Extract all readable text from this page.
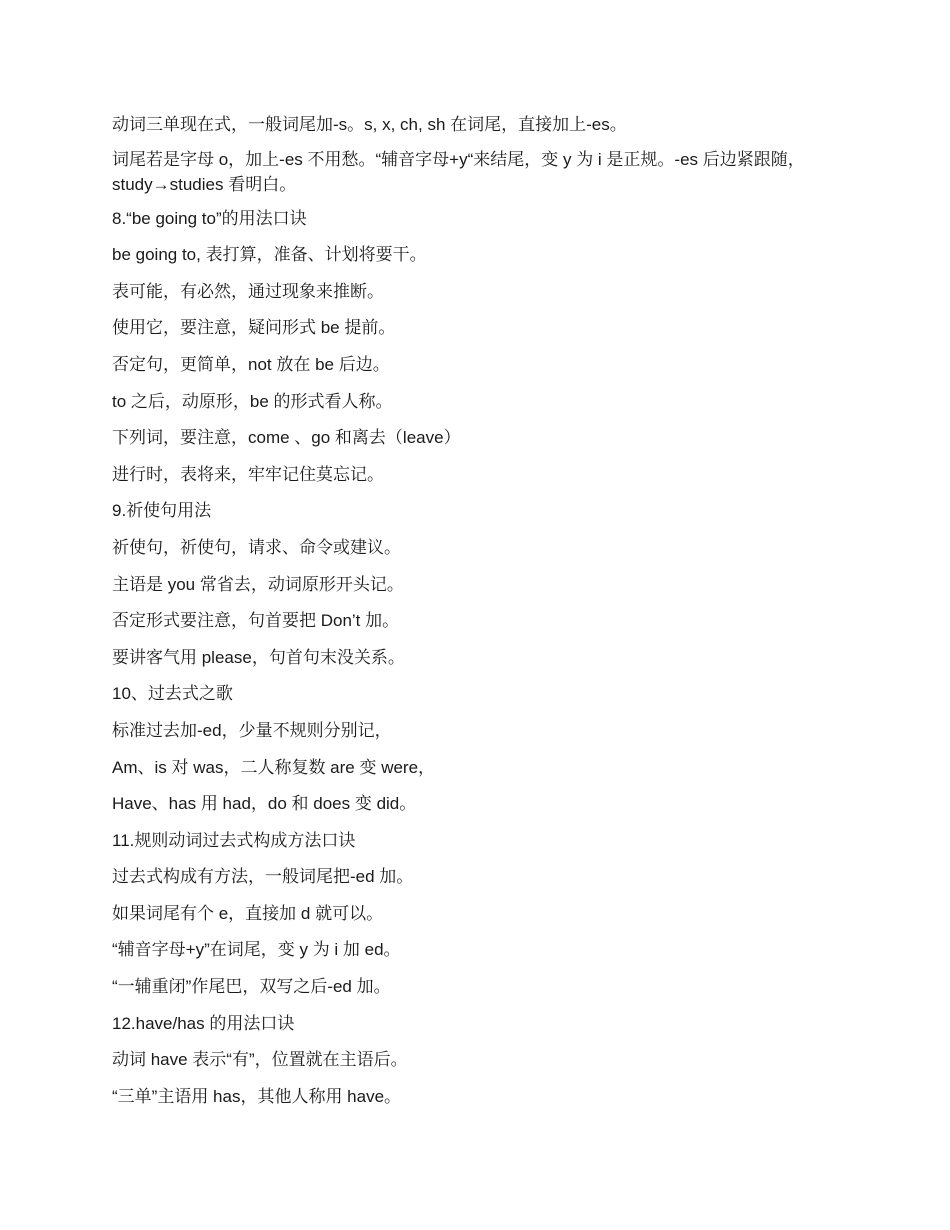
动词三单现在式，一般词尾加-s。s, x, ch, sh 在词尾，直接加上-es。

词尾若是字母 o，加上-es 不用愁。“辅音字母+y“来结尾，变 y 为 i 是正规。-es 后边紧跟随，study→studies 看明白。

8.“be going to”的用法口诀

be going to, 表打算，准备、计划将要干。

表可能，有必然，通过现象来推断。

使用它，要注意，疑问形式 be 提前。

否定句，更简单，not 放在 be 后边。

to 之后，动原形，be 的形式看人称。

下列词，要注意，come 、go 和离去（leave）

进行时，表将来，牢牢记住莫忘记。

9.祈使句用法

祈使句，祈使句，请求、命令或建议。

主语是 you 常省去，动词原形开头记。

否定形式要注意，句首要把 Don’t 加。

要讲客气用 please，句首句末没关系。

10、过去式之歌

标准过去加-ed，少量不规则分别记，

Am、is 对 was，二人称复数 are 变 were，

Have、has 用 had，do 和 does 变 did。

11.规则动词过去式构成方法口诀

过去式构成有方法，一般词尾把-ed 加。

如果词尾有个 e，直接加 d 就可以。

“辅音字母+y”在词尾，变 y 为 i 加 ed。

“一辅重闭”作尾巴，双写之后-ed 加。

12.have/has 的用法口诀

动词 have 表示“有”，位置就在主语后。

“三单”主语用 has，其他人称用 have。
